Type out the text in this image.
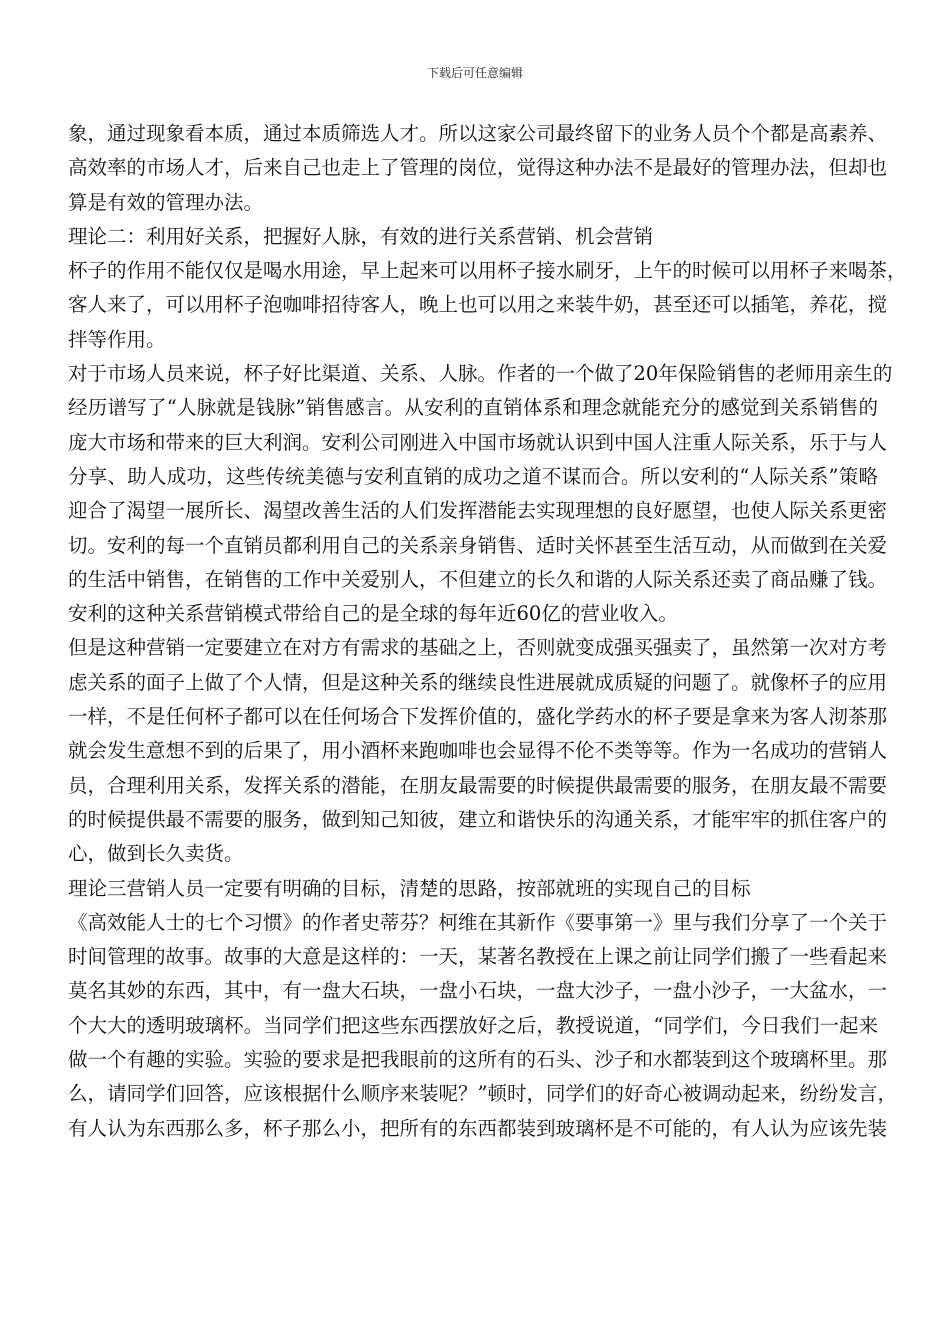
下载后可任意编辑
象，通过现象看本质，通过本质筛选人才。所以这家公司最终留下的业务人员个个都是高素养、
高效率的市场人才，后来自己也走上了管理的岗位，觉得这种办法不是最好的管理办法，但却也
算是有效的管理办法。
理论二：利用好关系，把握好人脉，有效的进行关系营销、机会营销
杯子的作用不能仅仅是喝水用途，早上起来可以用杯子接水刷牙，上午的时候可以用杯子来喝茶，
客人来了，可以用杯子泡咖啡招待客人，晚上也可以用之来装牛奶，甚至还可以插笔，养花，搅
拌等作用。
对于市场人员来说，杯子好比渠道、关系、人脉。作者的一个做了20年保险销售的老师用亲生的
经历谱写了“人脉就是钱脉”销售感言。从安利的直销体系和理念就能充分的感觉到关系销售的
庞大市场和带来的巨大利润。安利公司刚进入中国市场就认识到中国人注重人际关系，乐于与人
分享、助人成功，这些传统美德与安利直销的成功之道不谋而合。所以安利的“人际关系”策略
迎合了渴望一展所长、渴望改善生活的人们发挥潜能去实现理想的良好愿望，也使人际关系更密
切。安利的每一个直销员都利用自己的关系亲身销售、适时关怀甚至生活互动，从而做到在关爱
的生活中销售，在销售的工作中关爱别人，不但建立的长久和谐的人际关系还卖了商品赚了钱。
安利的这种关系营销模式带给自己的是全球的每年近60亿的营业收入。
但是这种营销一定要建立在对方有需求的基础之上，否则就变成强买强卖了，虽然第一次对方考
虑关系的面子上做了个人情，但是这种关系的继续良性进展就成质疑的问题了。就像杯子的应用
一样，不是任何杯子都可以在任何场合下发挥价值的，盛化学药水的杯子要是拿来为客人沏茶那
就会发生意想不到的后果了，用小酒杯来跑咖啡也会显得不伦不类等等。作为一名成功的营销人
员，合理利用关系，发挥关系的潜能，在朋友最需要的时候提供最需要的服务，在朋友最不需要
的时候提供最不需要的服务，做到知己知彼，建立和谐快乐的沟通关系，才能牢牢的抓住客户的
心，做到长久卖货。
理论三营销人员一定要有明确的目标，清楚的思路，按部就班的实现自己的目标
《高效能人士的七个习惯》的作者史蒂芬？柯维在其新作《要事第一》里与我们分享了一个关于
时间管理的故事。故事的大意是这样的：一天，某著名教授在上课之前让同学们搬了一些看起来
莫名其妙的东西，其中，有一盘大石块，一盘小石块，一盘大沙子，一盘小沙子，一大盆水，一
个大大的透明玻璃杯。当同学们把这些东西摆放好之后，教授说道，“同学们，今日我们一起来
做一个有趣的实验。实验的要求是把我眼前的这所有的石头、沙子和水都装到这个玻璃杯里。那
么，请同学们回答，应该根据什么顺序来装呢？”顿时，同学们的好奇心被调动起来，纷纷发言，
有人认为东西那么多，杯子那么小，把所有的东西都装到玻璃杯是不可能的，有人认为应该先装
